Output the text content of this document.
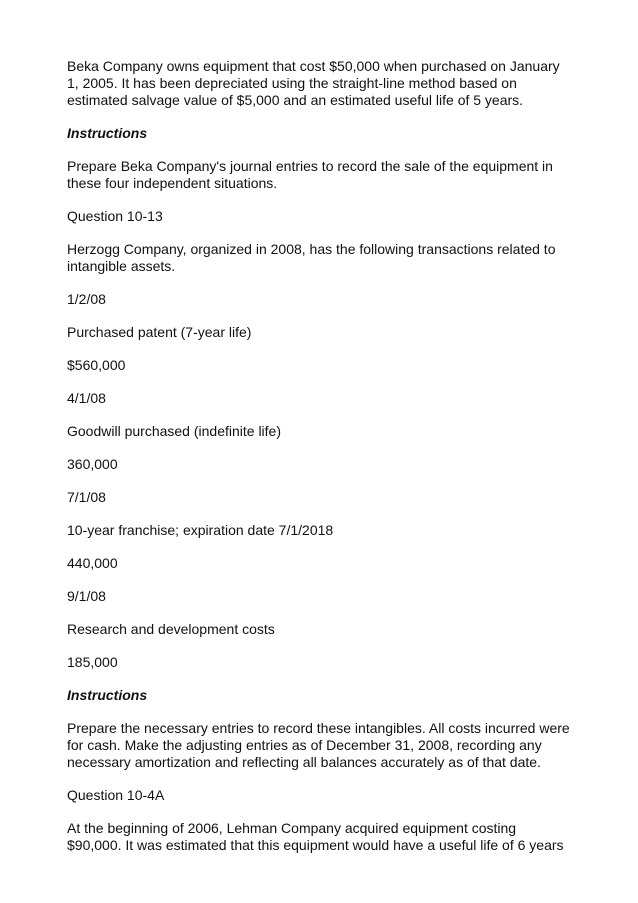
Beka Company owns equipment that cost $50,000 when purchased on January
1, 2005. It has been depreciated using the straight-line method based on
estimated salvage value of $5,000 and an estimated useful life of 5 years.

Instructions

Prepare Beka Company's journal entries to record the sale of the equipment in
these four independent situations.

Question 10-13

Herzogg Company, organized in 2008, has the following transactions related to
intangible assets.

1/2/08

Purchased patent (7-year life)

$560,000

4/1/08

Goodwill purchased (indefinite life)

360,000

7/1/08

10-year franchise; expiration date 7/1/2018

440,000

9/1/08

Research and development costs

185,000

Instructions

Prepare the necessary entries to record these intangibles. All costs incurred were
for cash. Make the adjusting entries as of December 31, 2008, recording any
necessary amortization and reflecting all balances accurately as of that date.

Question 10-4A

At the beginning of 2006, Lehman Company acquired equipment costing
$90,000. It was estimated that this equipment would have a useful life of 6 years
